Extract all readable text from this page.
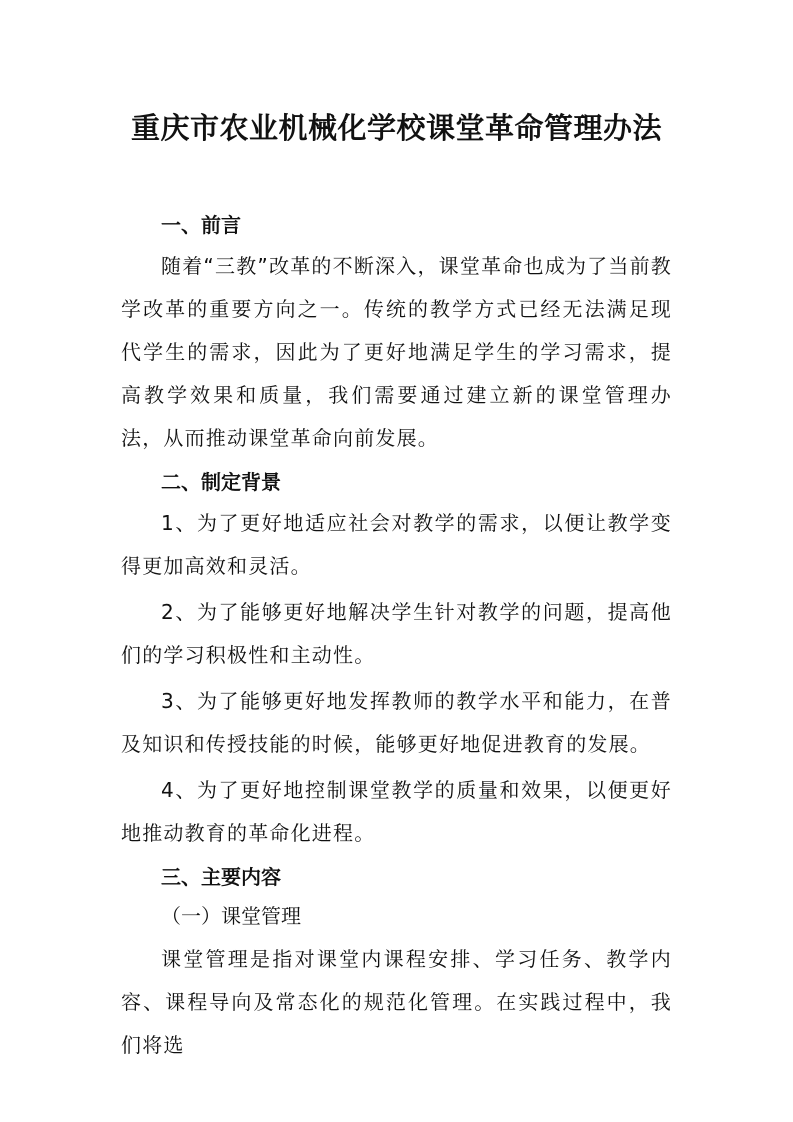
重庆市农业机械化学校课堂革命管理办法
一、前言

随着“三教”改革的不断深入，课堂革命也成为了当前教学改革的重要方向之一。传统的教学方式已经无法满足现代学生的需求，因此为了更好地满足学生的学习需求，提高教学效果和质量，我们需要通过建立新的课堂管理办法，从而推动课堂革命向前发展。

二、制定背景

1、为了更好地适应社会对教学的需求，以便让教学变得更加高效和灵活。

2、为了能够更好地解决学生针对教学的问题，提高他们的学习积极性和主动性。

3、为了能够更好地发挥教师的教学水平和能力，在普及知识和传授技能的时候，能够更好地促进教育的发展。

4、为了更好地控制课堂教学的质量和效果，以便更好地推动教育的革命化进程。

三、主要内容
（一）课堂管理

课堂管理是指对课堂内课程安排、学习任务、教学内容、课程导向及常态化的规范化管理。在实践过程中，我们将选
